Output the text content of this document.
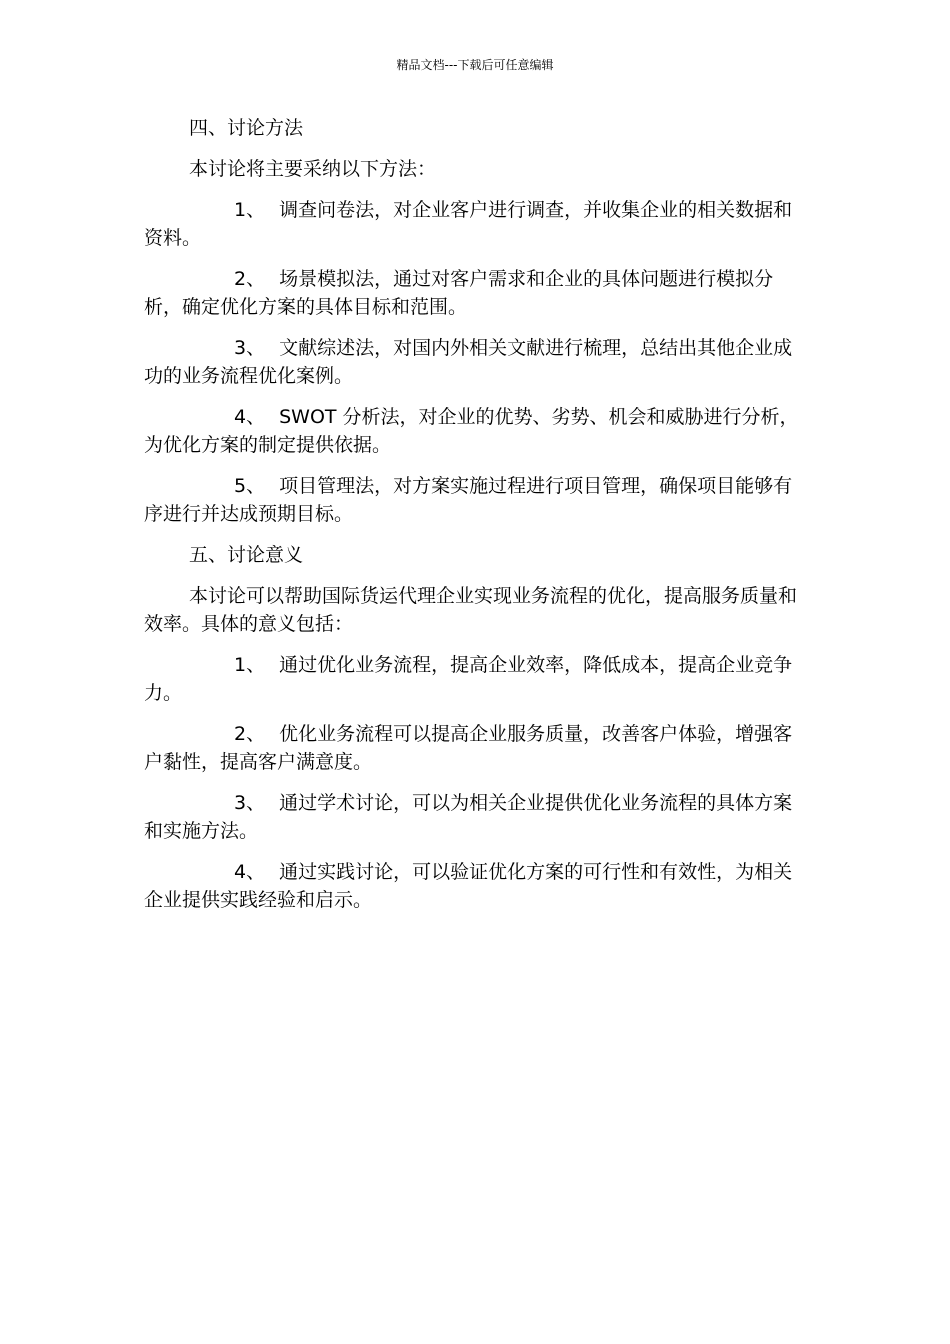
精品文档---下载后可任意编辑

四、讨论方法

本讨论将主要采纳以下方法：

1、 调查问卷法，对企业客户进行调查，并收集企业的相关数据和资料。

2、 场景模拟法，通过对客户需求和企业的具体问题进行模拟分析，确定优化方案的具体目标和范围。

3、 文献综述法，对国内外相关文献进行梳理，总结出其他企业成功的业务流程优化案例。

4、 SWOT 分析法，对企业的优势、劣势、机会和威胁进行分析，为优化方案的制定提供依据。

5、 项目管理法，对方案实施过程进行项目管理，确保项目能够有序进行并达成预期目标。

五、讨论意义

本讨论可以帮助国际货运代理企业实现业务流程的优化，提高服务质量和效率。具体的意义包括：

1、 通过优化业务流程，提高企业效率，降低成本，提高企业竞争力。

2、 优化业务流程可以提高企业服务质量，改善客户体验，增强客户黏性，提高客户满意度。

3、 通过学术讨论，可以为相关企业提供优化业务流程的具体方案和实施方法。

4、 通过实践讨论，可以验证优化方案的可行性和有效性，为相关企业提供实践经验和启示。
